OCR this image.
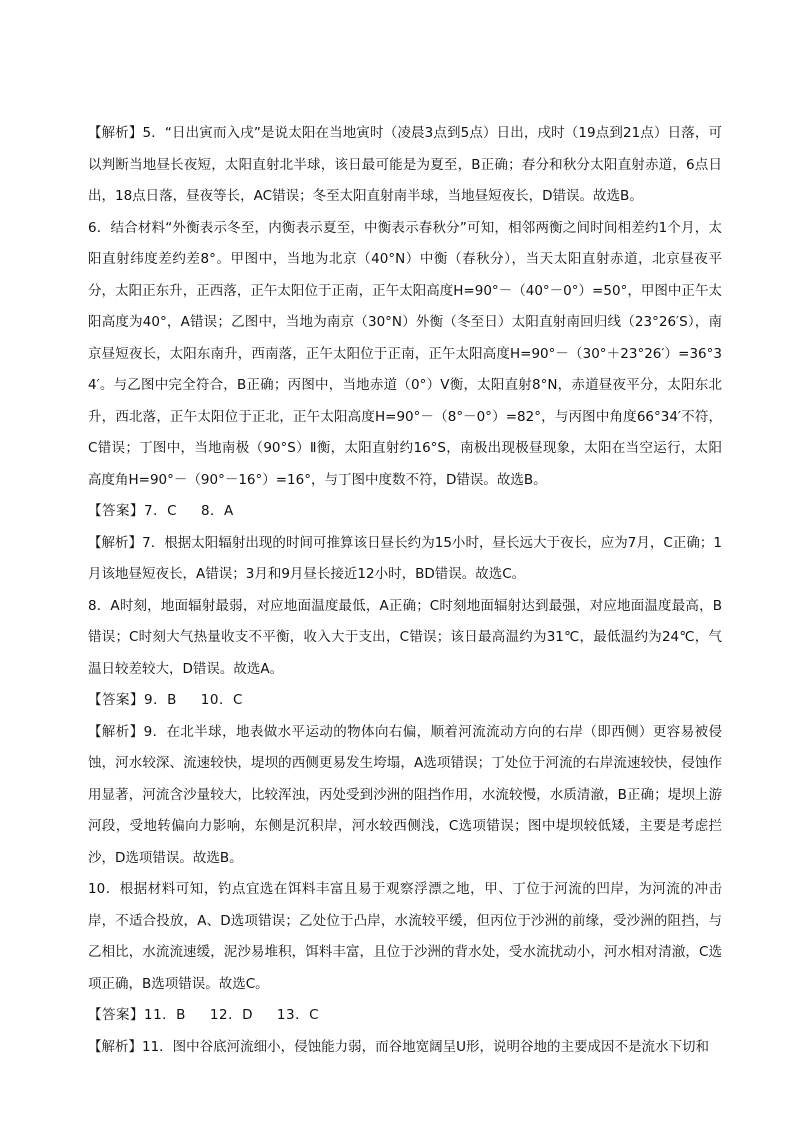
【解析】5．“日出寅而入戌”是说太阳在当地寅时（凌晨3点到5点）日出，戌时（19点到21点）日落，可以判断当地昼长夜短，太阳直射北半球，该日最可能是为夏至，B正确；春分和秋分太阳直射赤道，6点日出，18点日落，昼夜等长，AC错误；冬至太阳直射南半球，当地昼短夜长，D错误。故选B。

6．结合材料“外衡表示冬至，内衡表示夏至，中衡表示春秋分”可知，相邻两衡之间时间相差约1个月，太阳直射纬度差约差8°。甲图中，当地为北京（40°N）中衡（春秋分），当天太阳直射赤道，北京昼夜平分，太阳正东升，正西落，正午太阳位于正南，正午太阳高度H=90°－（40°－0°）=50°，甲图中正午太阳高度为40°，A错误；乙图中，当地为南京（30°N）外衡（冬至日）太阳直射南回归线（23°26′S），南京昼短夜长，太阳东南升，西南落，正午太阳位于正南，正午太阳高度H=90°－（30°＋23°26′）=36°34′。与乙图中完全符合，B正确；丙图中，当地赤道（0°）Ⅴ衡，太阳直射8°N，赤道昼夜平分，太阳东北升，西北落，正午太阳位于正北，正午太阳高度H=90°－（8°－0°）=82°，与丙图中角度66°34′不符，C错误；丁图中，当地南极（90°S）Ⅱ衡，太阳直射约16°S，南极出现极昼现象，太阳在当空运行，太阳高度角H=90°－（90°－16°）=16°，与丁图中度数不符，D错误。故选B。

【答案】7．C     8．A

【解析】7．根据太阳辐射出现的时间可推算该日昼长约为15小时，昼长远大于夜长，应为7月，C正确；1月该地昼短夜长，A错误；3月和9月昼长接近12小时，BD错误。故选C。

8．A时刻，地面辐射最弱，对应地面温度最低，A正确；C时刻地面辐射达到最强，对应地面温度最高，B错误；C时刻大气热量收支不平衡，收入大于支出，C错误；该日最高温约为31℃，最低温约为24℃，气温日较差较大，D错误。故选A。

【答案】9．B     10．C

【解析】9．在北半球，地表做水平运动的物体向右偏，顺着河流流动方向的右岸（即西侧）更容易被侵蚀，河水较深、流速较快，堤坝的西侧更易发生垮塌，A选项错误；丁处位于河流的右岸流速较快，侵蚀作用显著，河流含沙量较大，比较浑浊，丙处受到沙洲的阻挡作用，水流较慢，水质清澈，B正确；堤坝上游河段，受地转偏向力影响，东侧是沉积岸，河水较西侧浅，C选项错误；图中堤坝较低矮，主要是考虑拦沙，D选项错误。故选B。

10．根据材料可知，钓点宜选在饵料丰富且易于观察浮漂之地，甲、丁位于河流的凹岸，为河流的冲击岸，不适合投放，A、D选项错误；乙处位于凸岸，水流较平缓，但丙位于沙洲的前缘，受沙洲的阻挡，与乙相比，水流流速缓，泥沙易堆积，饵料丰富，且位于沙洲的背水处，受水流扰动小，河水相对清澈，C选项正确，B选项错误。故选C。

【答案】11．B     12．D     13．C

【解析】11．图中谷底河流细小，侵蚀能力弱，而谷地宽阔呈U形，说明谷地的主要成因不是流水下切和
